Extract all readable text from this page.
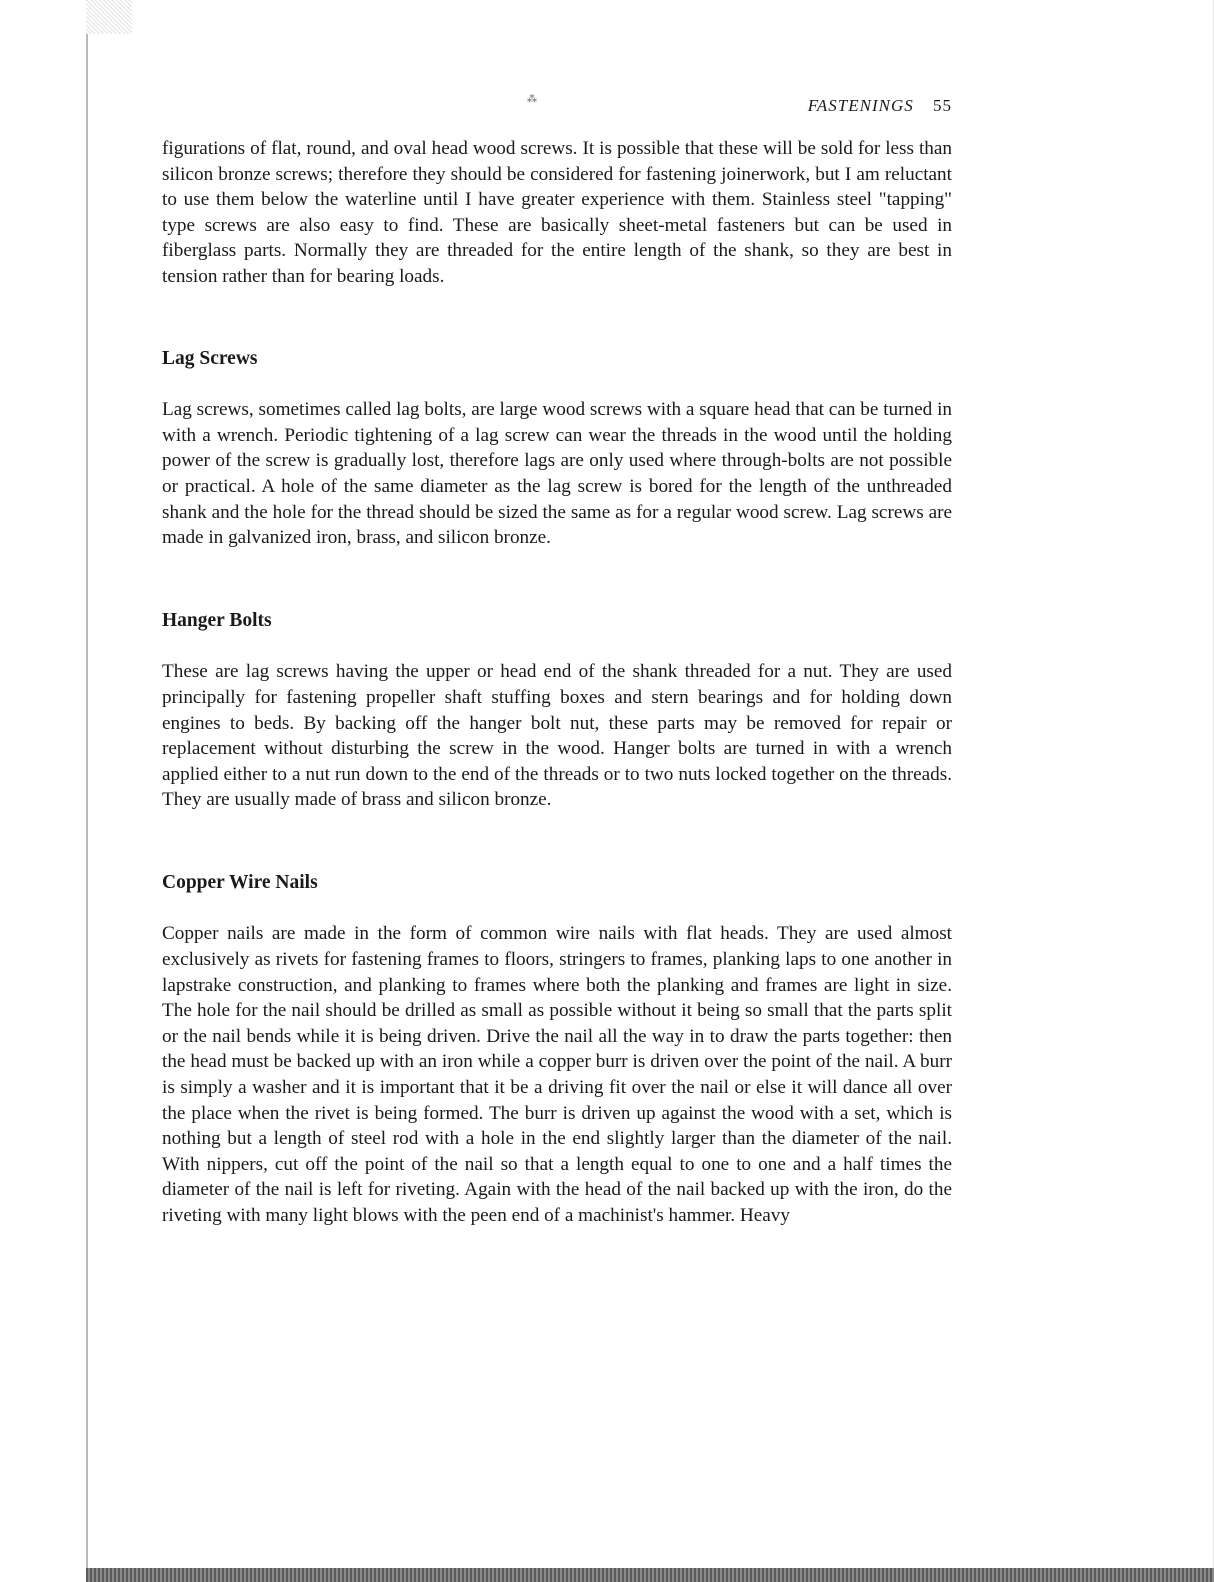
⁂	FASTENINGS 55

figurations of flat, round, and oval head wood screws. It is possible that these will be sold for less than silicon bronze screws; therefore they should be considered for fastening joinerwork, but I am reluctant to use them below the waterline until I have greater experience with them. Stainless steel "tapping" type screws are also easy to find. These are basically sheet-metal fasteners but can be used in fiberglass parts. Normally they are threaded for the entire length of the shank, so they are best in tension rather than for bearing loads.

Lag Screws

Lag screws, sometimes called lag bolts, are large wood screws with a square head that can be turned in with a wrench. Periodic tightening of a lag screw can wear the threads in the wood until the holding power of the screw is gradually lost, therefore lags are only used where through-bolts are not possible or practical. A hole of the same diameter as the lag screw is bored for the length of the unthreaded shank and the hole for the thread should be sized the same as for a regular wood screw. Lag screws are made in galvanized iron, brass, and silicon bronze.

Hanger Bolts

These are lag screws having the upper or head end of the shank threaded for a nut. They are used principally for fastening propeller shaft stuffing boxes and stern bearings and for holding down engines to beds. By backing off the hanger bolt nut, these parts may be removed for repair or replacement without disturbing the screw in the wood. Hanger bolts are turned in with a wrench applied either to a nut run down to the end of the threads or to two nuts locked together on the threads. They are usually made of brass and silicon bronze.

Copper Wire Nails

Copper nails are made in the form of common wire nails with flat heads. They are used almost exclusively as rivets for fastening frames to floors, stringers to frames, planking laps to one another in lapstrake construction, and planking to frames where both the planking and frames are light in size. The hole for the nail should be drilled as small as possible without it being so small that the parts split or the nail bends while it is being driven. Drive the nail all the way in to draw the parts together: then the head must be backed up with an iron while a copper burr is driven over the point of the nail. A burr is simply a washer and it is important that it be a driving fit over the nail or else it will dance all over the place when the rivet is being formed. The burr is driven up against the wood with a set, which is nothing but a length of steel rod with a hole in the end slightly larger than the diameter of the nail. With nippers, cut off the point of the nail so that a length equal to one to one and a half times the diameter of the nail is left for riveting. Again with the head of the nail backed up with the iron, do the riveting with many light blows with the peen end of a machinist's hammer. Heavy
